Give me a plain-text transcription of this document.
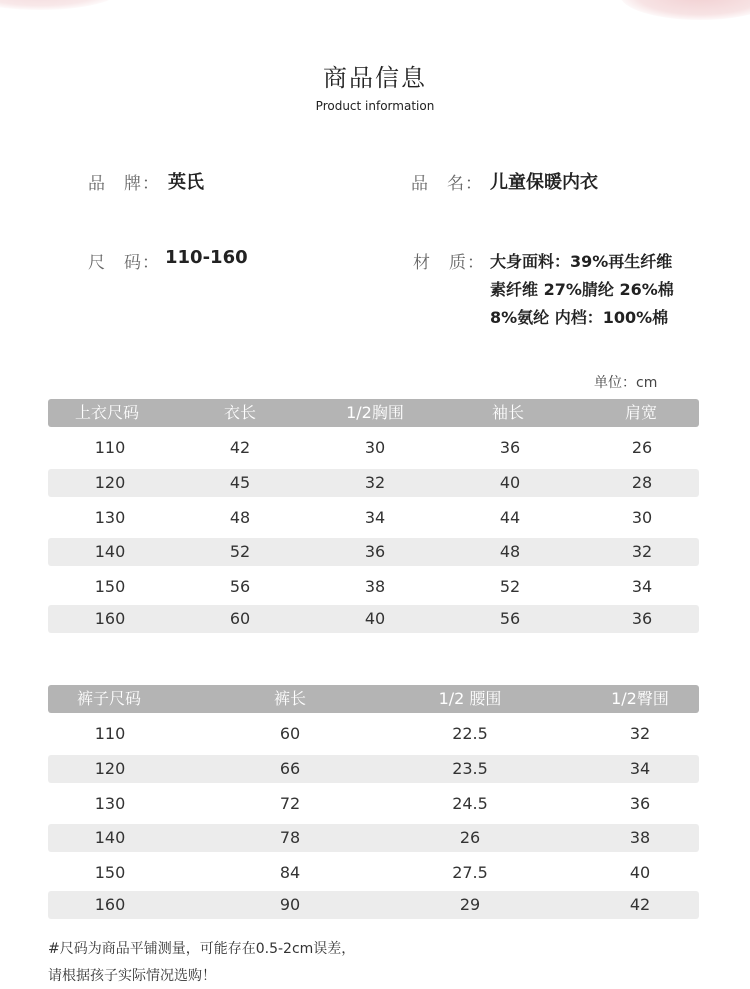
商品信息
Product information
品　牌： 英氏	品　名： 儿童保暖内衣
尺　码： 110-160	材　质： 大身面料：39%再生纤维
素纤维 27%腈纶 26%棉
8%氨纶 内档：100%棉
单位：cm
上衣尺码	衣长	1/2胸围	袖长	肩宽
110	42	30	36	26
120	45	32	40	28
130	48	34	44	30
140	52	36	48	32
150	56	38	52	34
160	60	40	56	36
裤子尺码	裤长	1/2 腰围	1/2臀围
110	60	22.5	32
120	66	23.5	34
130	72	24.5	36
140	78	26	38
150	84	27.5	40
160	90	29	42
#尺码为商品平铺测量，可能存在0.5-2cm误差，
请根据孩子实际情况选购！
